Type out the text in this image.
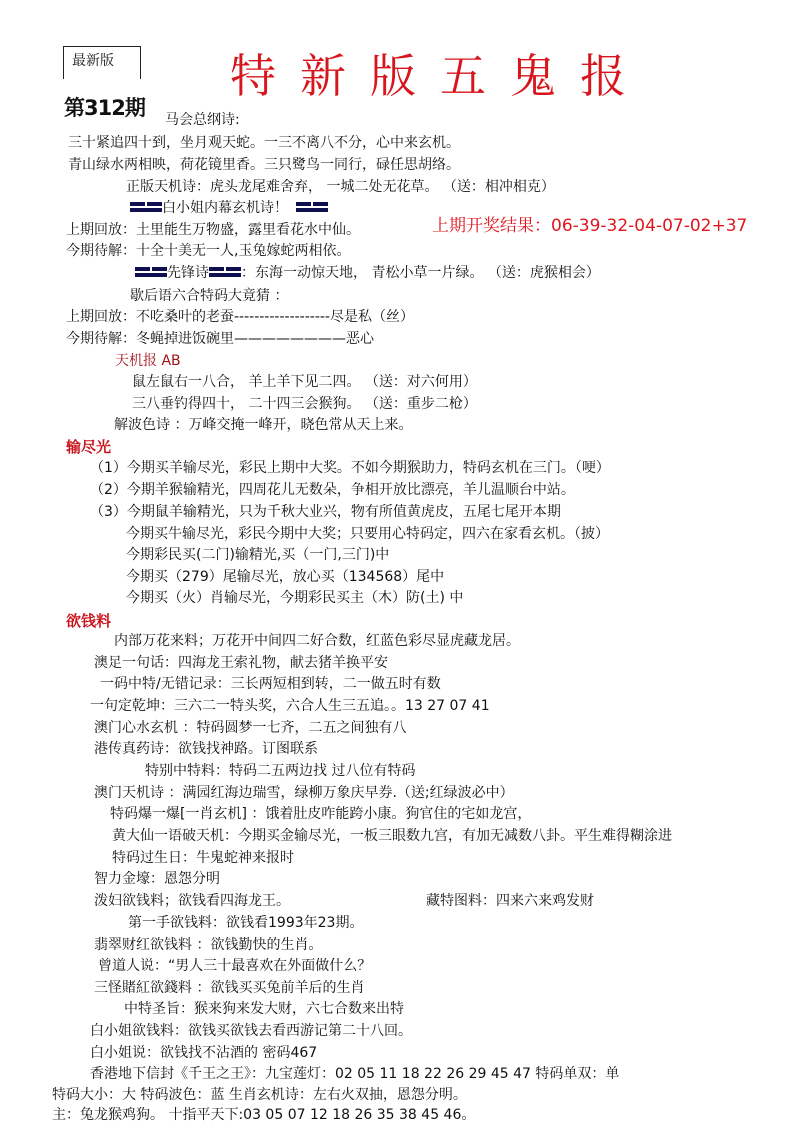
最新版	特新版五鬼报
第312期 马会总纲诗:
三十紧追四十到，坐月观天蛇。一三不离八不分，心中来玄机。
青山绿水两相映，荷花镜里香。三只鹭鸟一同行，碌任思胡络。
正版天机诗：虎头龙尾难舍弃， 一城二处无花草。 （送：相冲相克）
白小姐内幕玄机诗！
上期回放：土里能生万物盛，露里看花水中仙。	上期开奖结果：06-39-32-04-07-02+37
今期待解：十全十美无一人,玉兔嫁蛇两相依。
先锋诗 ：东海一动惊天地， 青松小草一片绿。 （送：虎猴相会）
歇后语六合特码大竟猜 ：
上期回放：不吃桑叶的老蚕-------------------尽是私（丝）
今期待解：冬蝇掉进饭碗里————————恶心
天机报 AB
鼠左鼠右一八合， 羊上羊下见二四。 （送：对六何用）
三八垂钓得四十， 二十四三会猴狗。 （送：重步二枪）
解波色诗 ：万峰交掩一峰开，晓色常从天上来。
输尽光
（1）今期买羊输尽光，彩民上期中大奖。不如今期猴助力，特码玄机在三门。（哽）
（2）今期羊猴输精光，四周花儿无数朵，争相开放比漂亮，羊儿温顺台中站。
（3）今期鼠羊输精光，只为千秋大业兴，物有所值黄虎皮，五尾七尾开本期
今期买牛输尽光，彩民今期中大奖；只要用心特码定，四六在家看玄机。（披）
今期彩民买(二门)输精光,买（一门,三门)中
今期买（279）尾输尽光，放心买（134568）尾中
今期买（火）肖输尽光，今期彩民买主（木）防(土) 中
欲钱料
内部万花来料；万花开中间四二好合数，红蓝色彩尽显虎藏龙居。
澳足一句话：四海龙王索礼物，献去猪羊换平安
一码中特/无错记录：三长两短相到转，二一做五时有数
一句定乾坤：三六二一特头奖，六合人生三五追。。13 27 07 41
澳门心水玄机 ：特码圆梦一七齐，二五之间独有八
港传真药诗：欲钱找神路。订图联系
特别中特料：特码二五两边找 过八位有特码
澳门天机诗 ：满园红海边瑞雪，绿柳万象庆早券.（送;红绿波必中）
特码爆一爆[一肖玄机] ：饿着肚皮咋能跨小康。狗官住的宅如龙宫，
黄大仙一语破天机：今期买金输尽光，一板三眼数九宫，有加无减数八卦。平生难得糊涂进
特码过生日：牛鬼蛇神来报时
智力金壕：恩怨分明
泼妇欲钱料；欲钱看四海龙王。	藏特图料：四来六来鸡发财
第一手欲钱料：欲钱看1993年23期。
翡翠财红欲钱料 ：欲钱勤快的生肖。
曾道人说：“男人三十最喜欢在外面做什么？
三怪賭紅欲錢料 ：欲钱买买兔前羊后的生肖
中特圣旨：猴来狗来发大财，六七合数来出特
白小姐欲钱料：欲钱买欲钱去看西游记第二十八回。
白小姐说：欲钱找不沾酒的 密码467
香港地下信封《千王之王》：九宝莲灯：02 05 11 18 22 26 29 45 47 特码单双：单
特码大小：大 特码波色：蓝 生肖玄机诗：左右火双抽，恩怨分明。
主：兔龙猴鸡狗。 十指平天下:03 05 07 12 18 26 35 38 45 46。
